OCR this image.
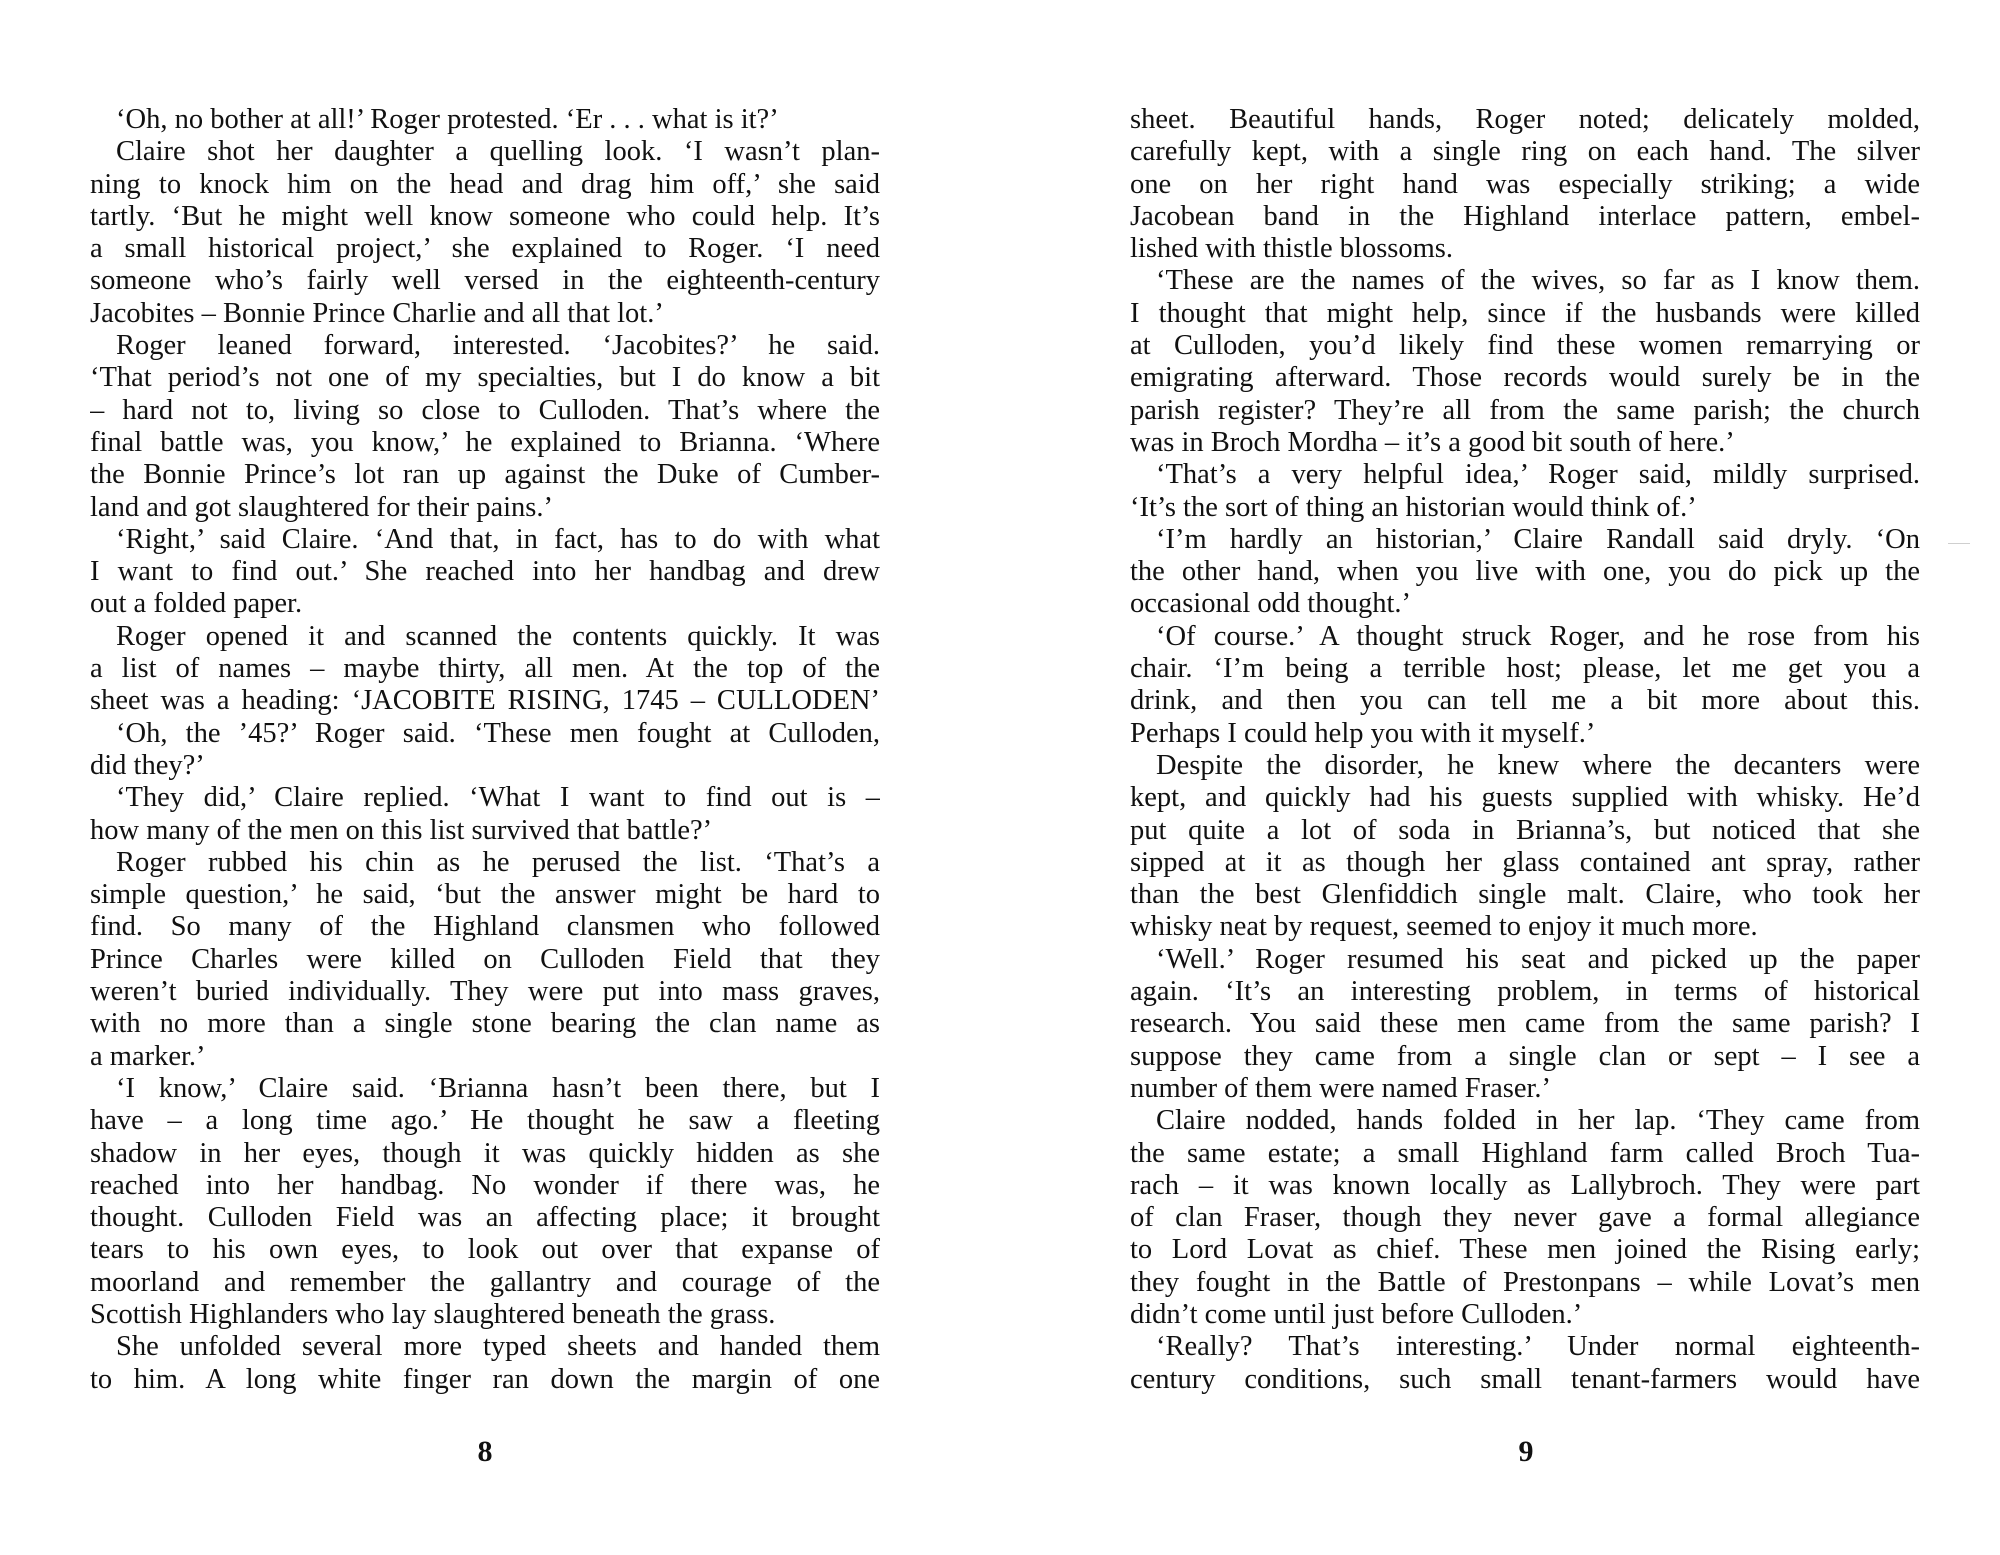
‘Oh, no bother at all!’ Roger protested. ‘Er . . . what is it?’
Claire shot her daughter a quelling look. ‘I wasn’t plan-
ning to knock him on the head and drag him off,’ she said
tartly. ‘But he might well know someone who could help. It’s
a small historical project,’ she explained to Roger. ‘I need
someone who’s fairly well versed in the eighteenth-century
Jacobites – Bonnie Prince Charlie and all that lot.’
Roger leaned forward, interested. ‘Jacobites?’ he said.
‘That period’s not one of my specialties, but I do know a bit
– hard not to, living so close to Culloden. That’s where the
final battle was, you know,’ he explained to Brianna. ‘Where
the Bonnie Prince’s lot ran up against the Duke of Cumber-
land and got slaughtered for their pains.’
‘Right,’ said Claire. ‘And that, in fact, has to do with what
I want to find out.’ She reached into her handbag and drew
out a folded paper.
Roger opened it and scanned the contents quickly. It was
a list of names – maybe thirty, all men. At the top of the
sheet was a heading: ‘JACOBITE RISING, 1745 – CULLODEN’
‘Oh, the ’45?’ Roger said. ‘These men fought at Culloden,
did they?’
‘They did,’ Claire replied. ‘What I want to find out is –
how many of the men on this list survived that battle?’
Roger rubbed his chin as he perused the list. ‘That’s a
simple question,’ he said, ‘but the answer might be hard to
find. So many of the Highland clansmen who followed
Prince Charles were killed on Culloden Field that they
weren’t buried individually. They were put into mass graves,
with no more than a single stone bearing the clan name as
a marker.’
‘I know,’ Claire said. ‘Brianna hasn’t been there, but I
have – a long time ago.’ He thought he saw a fleeting
shadow in her eyes, though it was quickly hidden as she
reached into her handbag. No wonder if there was, he
thought. Culloden Field was an affecting place; it brought
tears to his own eyes, to look out over that expanse of
moorland and remember the gallantry and courage of the
Scottish Highlanders who lay slaughtered beneath the grass.
She unfolded several more typed sheets and handed them
to him. A long white finger ran down the margin of one
sheet. Beautiful hands, Roger noted; delicately molded,
carefully kept, with a single ring on each hand. The silver
one on her right hand was especially striking; a wide
Jacobean band in the Highland interlace pattern, embel-
lished with thistle blossoms.
‘These are the names of the wives, so far as I know them.
I thought that might help, since if the husbands were killed
at Culloden, you’d likely find these women remarrying or
emigrating afterward. Those records would surely be in the
parish register? They’re all from the same parish; the church
was in Broch Mordha – it’s a good bit south of here.’
‘That’s a very helpful idea,’ Roger said, mildly surprised.
‘It’s the sort of thing an historian would think of.’
‘I’m hardly an historian,’ Claire Randall said dryly. ‘On
the other hand, when you live with one, you do pick up the
occasional odd thought.’
‘Of course.’ A thought struck Roger, and he rose from his
chair. ‘I’m being a terrible host; please, let me get you a
drink, and then you can tell me a bit more about this.
Perhaps I could help you with it myself.’
Despite the disorder, he knew where the decanters were
kept, and quickly had his guests supplied with whisky. He’d
put quite a lot of soda in Brianna’s, but noticed that she
sipped at it as though her glass contained ant spray, rather
than the best Glenfiddich single malt. Claire, who took her
whisky neat by request, seemed to enjoy it much more.
‘Well.’ Roger resumed his seat and picked up the paper
again. ‘It’s an interesting problem, in terms of historical
research. You said these men came from the same parish? I
suppose they came from a single clan or sept – I see a
number of them were named Fraser.’
Claire nodded, hands folded in her lap. ‘They came from
the same estate; a small Highland farm called Broch Tua-
rach – it was known locally as Lallybroch. They were part
of clan Fraser, though they never gave a formal allegiance
to Lord Lovat as chief. These men joined the Rising early;
they fought in the Battle of Prestonpans – while Lovat’s men
didn’t come until just before Culloden.’
‘Really? That’s interesting.’ Under normal eighteenth-
century conditions, such small tenant-farmers would have
8	9
